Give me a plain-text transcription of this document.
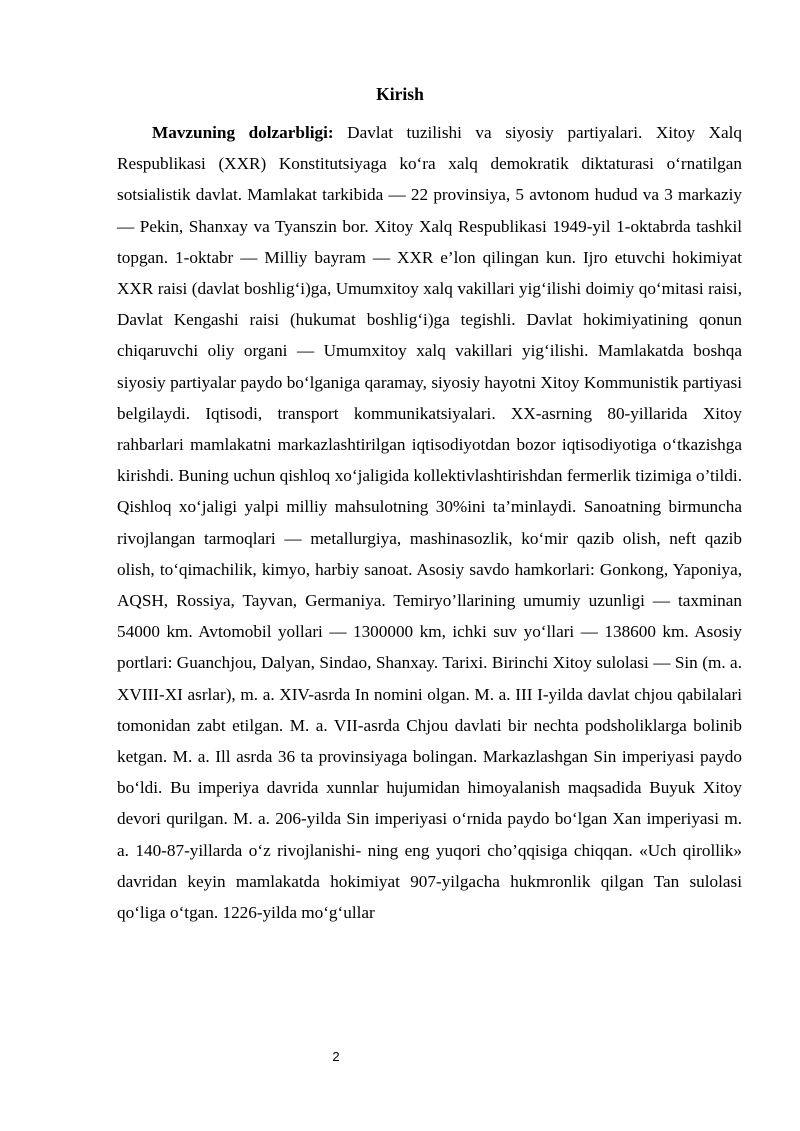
Kirish

Mavzuning dolzarbligi: Davlat tuzilishi va siyosiy partiyalari. Xitoy Xalq Respublikasi (XXR) Konstitutsiyaga koʻra xalq demokratik diktaturasi oʻrnatilgan sotsialistik davlat. Mamlakat tarkibida — 22 provinsiya, 5 avtonom hudud va 3 markaziy — Pekin, Shanxay va Tyanszin bor. Xitoy Xalq Respublikasi 1949-yil 1-oktabrda tashkil topgan. 1-oktabr — Milliy bayram — XXR e’lon qilingan kun. Ijro etuvchi hokimiyat XXR raisi (davlat boshligʻi)ga, Umumxitoy xalq vakillari yigʻilishi doimiy qoʻmitasi raisi, Davlat Kengashi raisi (hukumat boshligʻi)ga tegishli. Davlat hokimiyatining qonun chiqaruvchi oliy organi — Umumxitoy xalq vakillari yigʻilishi. Mamlakatda boshqa siyosiy partiyalar paydo boʻlganiga qaramay, siyosiy hayotni Xitoy Kommunistik partiyasi belgilaydi. Iqtisodi, transport kommunikatsiyalari. XX-asrning 80-yillarida Xitoy rahbarlari mamlakatni markazlashtirilgan iqtisodiyotdan bozor iqtisodiyotiga oʻtkazishga kirishdi. Buning uchun qishloq xoʻjaligida kollektivlashtirishdan fermerlik tizimiga o’tildi. Qishloq xoʻjaligi yalpi milliy mahsulotning 30%ini ta’minlaydi. Sanoatning birmuncha rivojlangan tarmoqlari — metallurgiya, mashinasozlik, koʻmir qazib olish, neft qazib olish, toʻqimachilik, kimyo, harbiy sanoat. Asosiy savdo hamkorlari: Gonkong, Yaponiya, AQSH, Rossiya, Tayvan, Germaniya. Temiryo’llarining umumiy uzunligi — taxminan 54000 km. Avtomobil yollari — 1300000 km, ichki suv yoʻllari — 138600 km. Asosiy portlari: Guanchjou, Dalyan, Sindao, Shanxay. Tarixi. Birinchi Xitoy sulolasi — Sin (m. a. XVIII-XI asrlar), m. a. XIV-asrda In nomini olgan. M. a. III I-yilda davlat chjou qabilalari tomonidan zabt etilgan. M. a. VII-asrda Chjou davlati bir nechta podsholiklarga bolinib ketgan. M. a. Ill asrda 36 ta provinsiyaga bolingan. Markazlashgan Sin imperiyasi paydo boʻldi. Bu imperiya davrida xunnlar hujumidan himoyalanish maqsadida Buyuk Xitoy devori qurilgan. M. a. 206-yilda Sin imperiyasi oʻrnida paydo boʻlgan Xan imperiyasi m. a. 140-87-yillarda oʻz rivojlanishi- ning eng yuqori cho’qqisiga chiqqan. «Uch qirollik» davridan keyin mamlakatda hokimiyat 907-yilgacha hukmronlik qilgan Tan sulolasi qoʻliga oʻtgan. 1226-yilda moʻgʻullar

2
